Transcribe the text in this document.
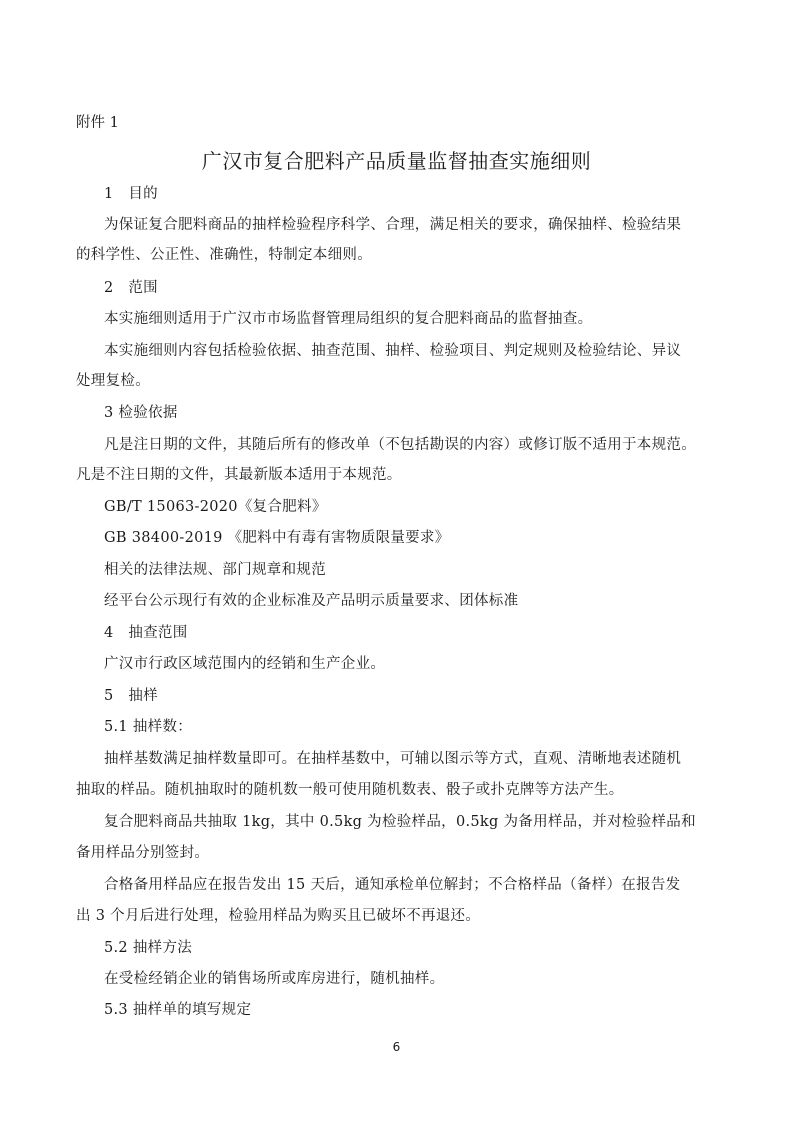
附件 1
广汉市复合肥料产品质量监督抽查实施细则
1　目的
为保证复合肥料商品的抽样检验程序科学、合理，满足相关的要求，确保抽样、检验结果
的科学性、公正性、准确性，特制定本细则。
2　范围
本实施细则适用于广汉市市场监督管理局组织的复合肥料商品的监督抽查。
本实施细则内容包括检验依据、抽查范围、抽样、检验项目、判定规则及检验结论、异议
处理复检。
3 检验依据
凡是注日期的文件，其随后所有的修改单（不包括勘误的内容）或修订版不适用于本规范。
凡是不注日期的文件，其最新版本适用于本规范。
GB/T 15063-2020《复合肥料》
GB 38400-2019 《肥料中有毒有害物质限量要求》
相关的法律法规、部门规章和规范
经平台公示现行有效的企业标准及产品明示质量要求、团体标准
4　抽查范围
广汉市行政区域范围内的经销和生产企业。
5　抽样
5.1 抽样数：
抽样基数满足抽样数量即可。在抽样基数中，可辅以图示等方式，直观、清晰地表述随机
抽取的样品。随机抽取时的随机数一般可使用随机数表、骰子或扑克牌等方法产生。
复合肥料商品共抽取 1kg，其中 0.5kg 为检验样品，0.5kg 为备用样品，并对检验样品和
备用样品分别签封。
合格备用样品应在报告发出 15 天后，通知承检单位解封；不合格样品（备样）在报告发
出 3 个月后进行处理，检验用样品为购买且已破坏不再退还。
5.2 抽样方法
在受检经销企业的销售场所或库房进行，随机抽样。
5.3 抽样单的填写规定
6
